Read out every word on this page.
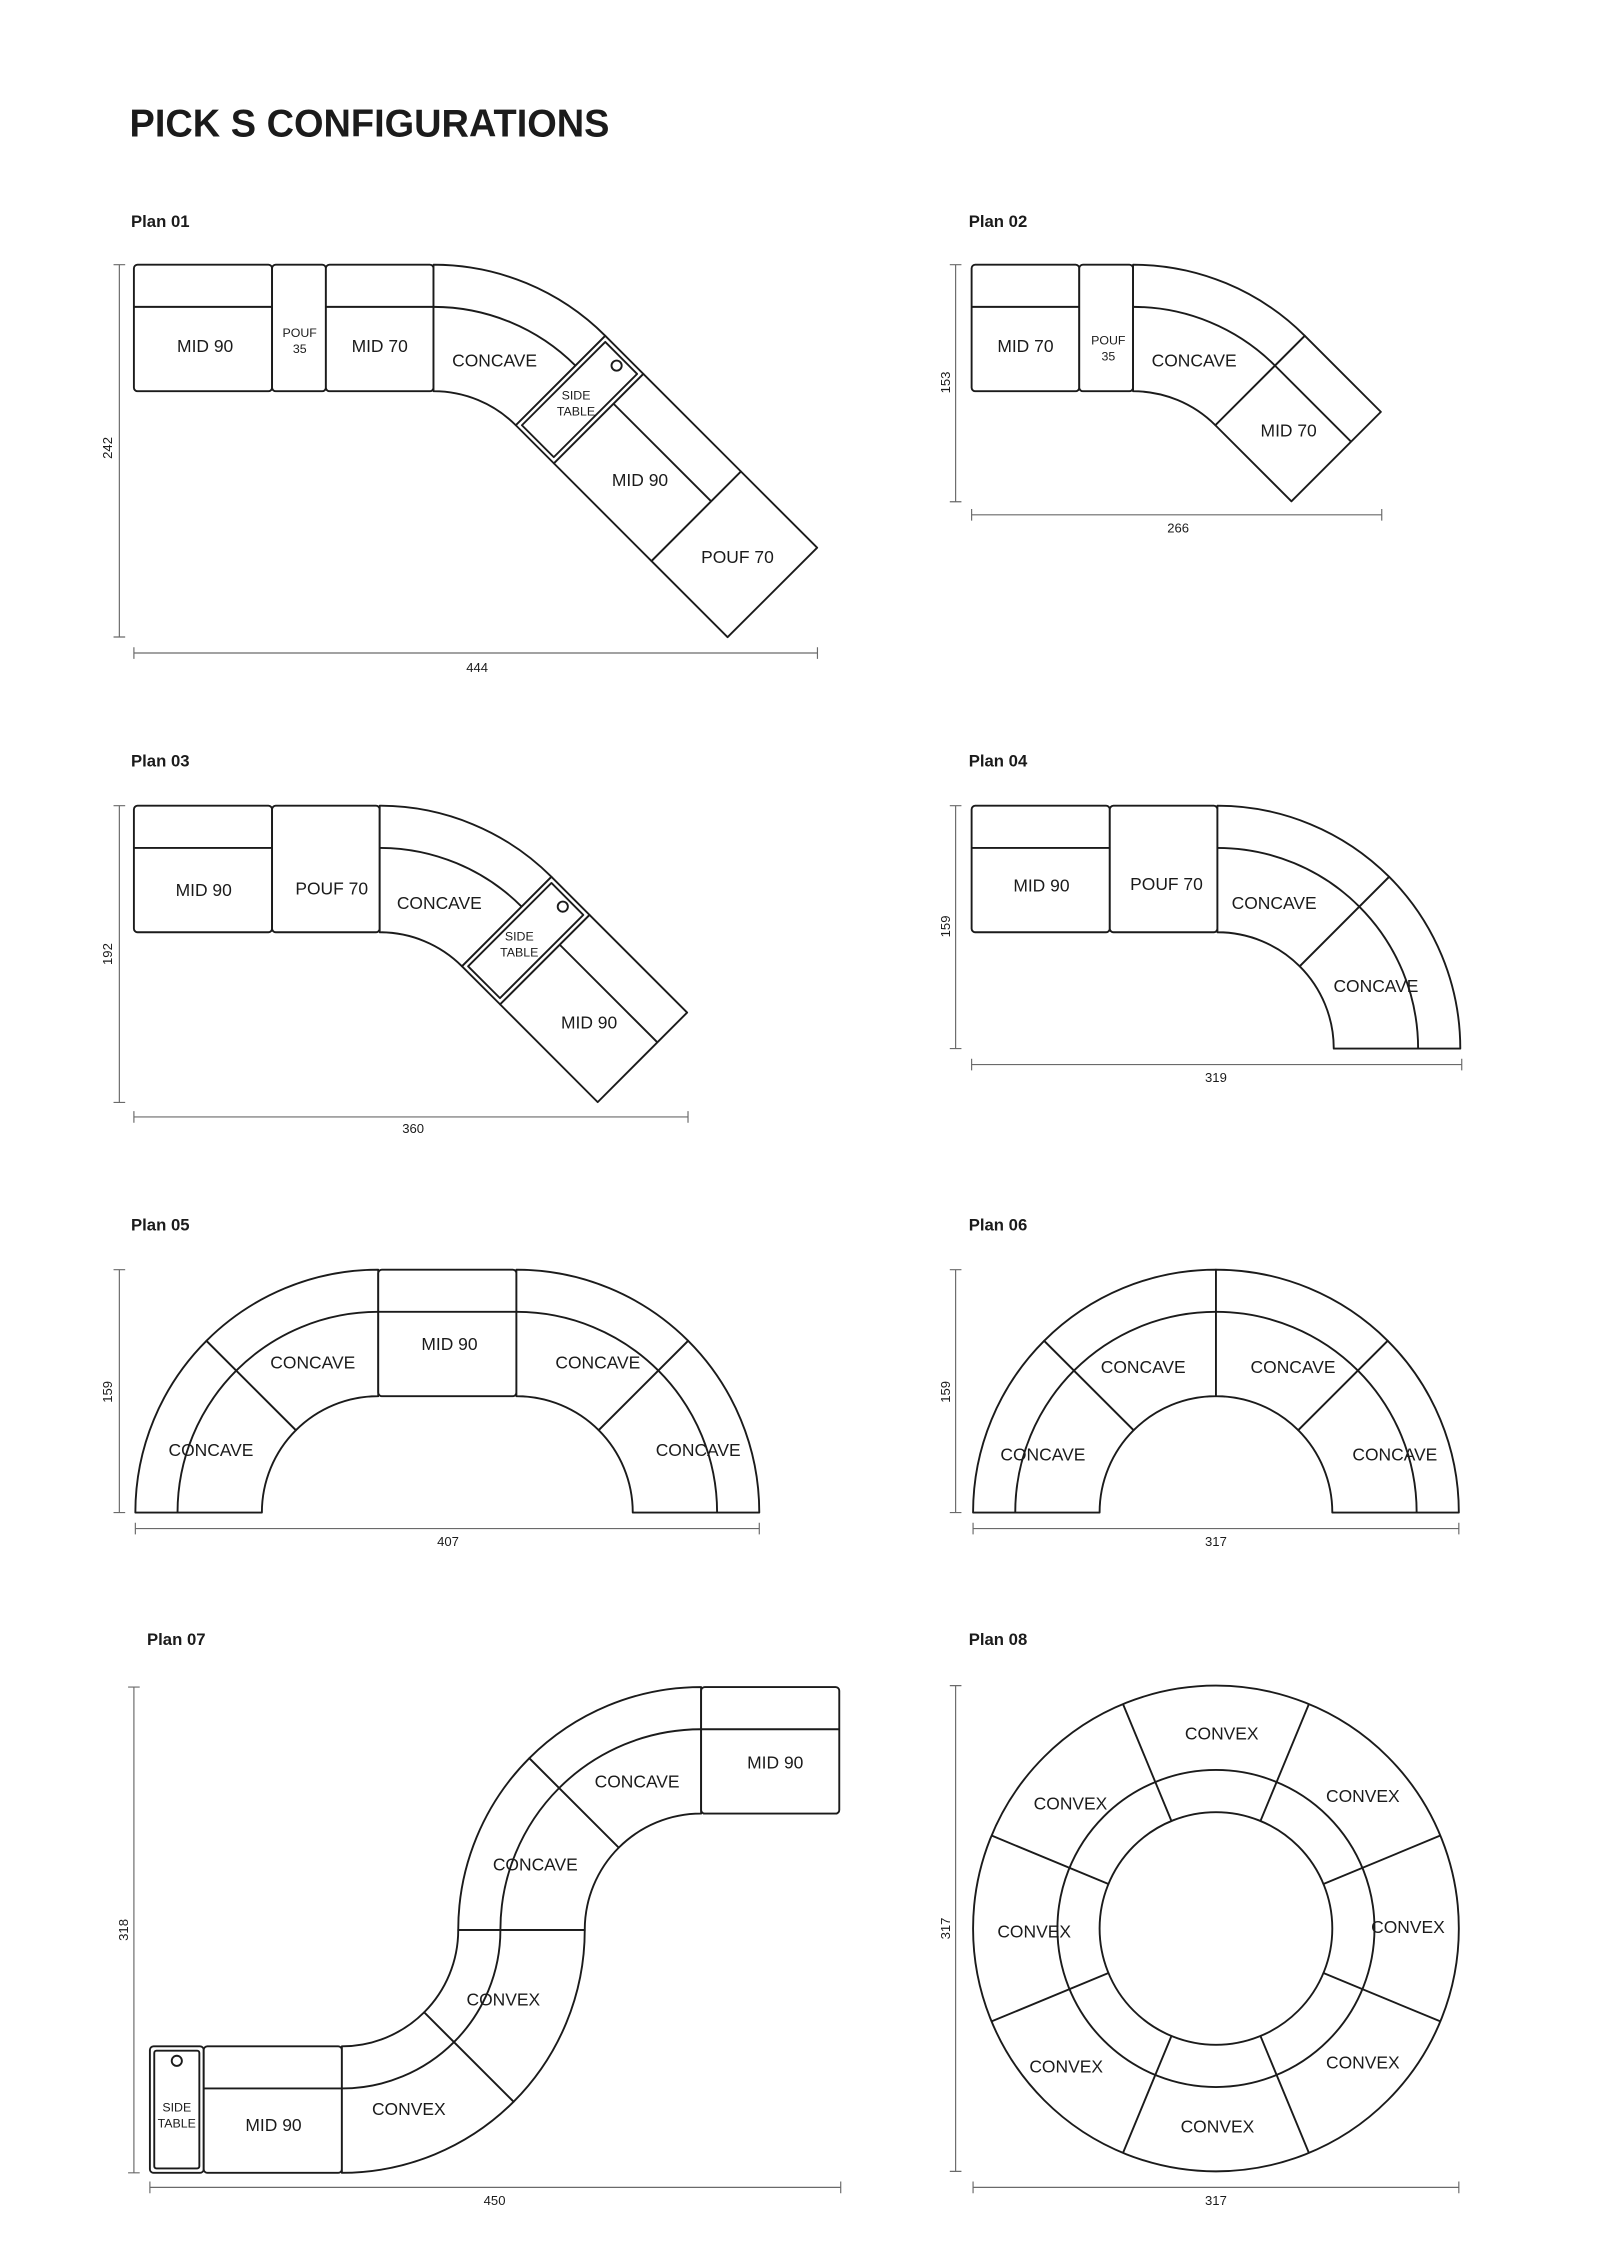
PICK S CONFIGURATIONS
Plan 01
242
444
MID 90
POUF
35	MID 70
CONCAVE
SIDE
TABLE
MID 90
POUF 70
Plan 02
153
266
MID 70	POUF
35	CONCAVE
MID 70
Plan 03
192
360
MID 90	POUF 70
CONCAVE
SIDE
TABLE
MID 90
Plan 04
159
319
MID 90	POUF 70
CONCAVE
CONCAVE
Plan 05
159
407
CONCAVE
CONCAVE
MID 90
CONCAVE
CONCAVE
Plan 06
159
317
CONCAVE
CONCAVE	CONCAVE
CONCAVE
Plan 07
318
450
SIDE
TABLE	MID 90
CONVEX
CONVEX
CONCAVE
CONCAVE
MID 90
Plan 08
317
317
CONVEX
CONVEX
CONVEX
CONVEX
CONVEX
CONVEX
CONVEX
CONVEX
